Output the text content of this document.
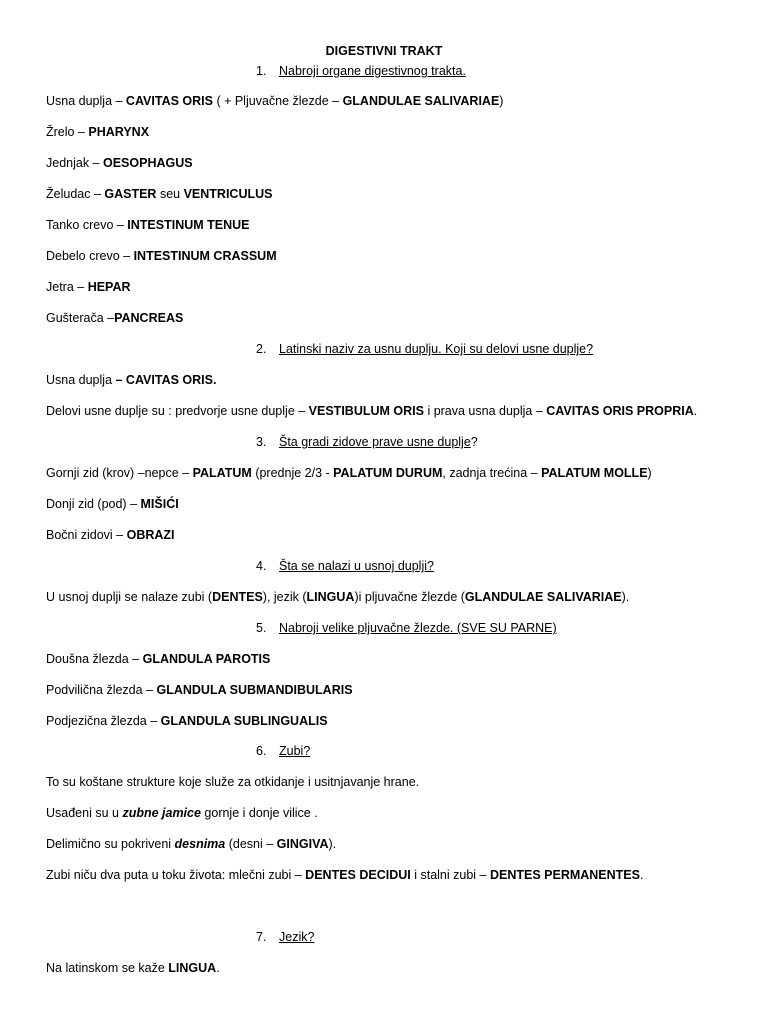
DIGESTIVNI TRAKT
1. Nabroji organe digestivnog trakta.
Usna duplja – CAVITAS ORIS ( + Pljuvačne žlezde – GLANDULAE SALIVARIAE)
Žrelo – PHARYNX
Jednjak – OESOPHAGUS
Želudac – GASTER seu VENTRICULUS
Tanko crevo – INTESTINUM TENUE
Debelo crevo – INTESTINUM CRASSUM
Jetra – HEPAR
Gušterača –PANCREAS
2. Latinski naziv za usnu duplju. Koji su delovi usne duplje?
Usna duplja – CAVITAS ORIS.
Delovi usne duplje su : predvorje usne duplje – VESTIBULUM ORIS i prava usna duplja – CAVITAS ORIS PROPRIA.
3. Šta gradi zidove prave usne duplje?
Gornji zid (krov) –nepce – PALATUM (prednje 2/3 - PALATUM DURUM, zadnja trećina – PALATUM MOLLE)
Donji zid (pod) – MIŠIĆI
Bočni zidovi – OBRAZI
4. Šta se nalazi u usnoj duplji?
U usnoj duplji se nalaze zubi (DENTES), jezik (LINGUA)i pljuvačne žlezde (GLANDULAE SALIVARIAE).
5. Nabroji velike pljuvačne žlezde. (SVE SU PARNE)
Doušna žlezda – GLANDULA PAROTIS
Podvilična žlezda – GLANDULA SUBMANDIBULARIS
Podjezična žlezda – GLANDULA SUBLINGUALIS
6. Zubi?
To su koštane strukture koje služe za otkidanje i usitnjavanje hrane.
Usađeni su u zubne jamice gornje i donje vilice .
Delimično su pokriveni desnima (desni – GINGIVA).
Zubi niču dva puta u toku života: mlečni zubi – DENTES DECIDUI i stalni zubi – DENTES PERMANENTES.
7. Jezik?
Na latinskom se kaže LINGUA.
